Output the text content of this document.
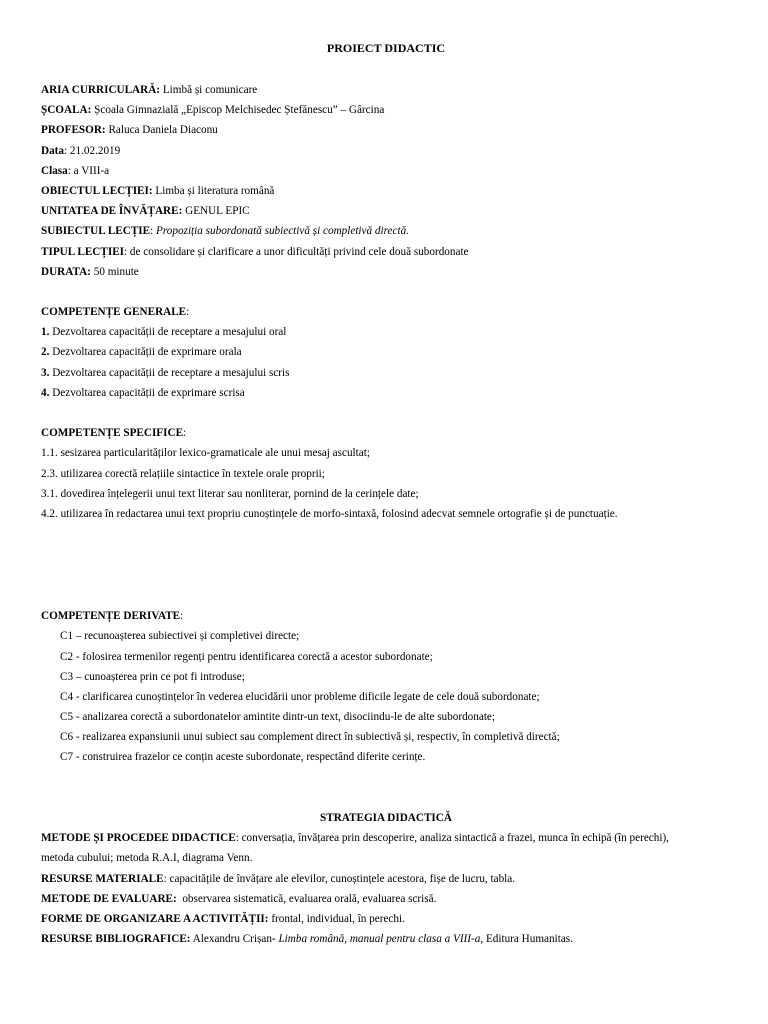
PROIECT DIDACTIC
ARIA CURRICULARĂ: Limbă și comunicare
ȘCOALA: Școala Gimnazială „Episcop Melchisedec Ștefănescu” – Gârcina
PROFESOR: Raluca Daniela Diaconu
Data: 21.02.2019
Clasa: a VIII-a
OBIECTUL LECȚIEI: Limba și literatura română
UNITATEA DE ÎNVĂȚARE: GENUL EPIC
SUBIECTUL LECȚIE: Propoziția subordonată subiectivă și completivă directă.
TIPUL LECȚIEI: de consolidare și clarificare a unor dificultăți privind cele două subordonate
DURATA: 50 minute
COMPETENȚE GENERALE:
1. Dezvoltarea capacității de receptare a mesajului oral
2. Dezvoltarea capacității de exprimare orala
3. Dezvoltarea capacității de receptare a mesajului scris
4. Dezvoltarea capacității de exprimare scrisa
COMPETENȚE SPECIFICE:
1.1. sesizarea particularităților lexico-gramaticale ale unui mesaj ascultat;
2.3. utilizarea corectă relațiile sintactice în textele orale proprii;
3.1. dovedirea înțelegerii unui text literar sau nonliterar, pornind de la cerințele date;
4.2. utilizarea în redactarea unui text propriu cunoștințele de morfo-sintaxă, folosind adecvat semnele ortografie și de punctuație.
COMPETENȚE DERIVATE:
C1 – recunoașterea subiectivei și completivei directe;
C2 - folosirea termenilor regenți pentru identificarea corectă a acestor subordonate;
C3 – cunoașterea prin ce pot fi introduse;
C4 - clarificarea cunoștințelor în vederea elucidării unor probleme dificile legate de cele două subordonate;
C5 - analizarea corectă a subordonatelor amintite dintr-un text, disociindu-le de alte subordonate;
C6 - realizarea expansiunii unui subiect sau complement direct în subiectivă și, respectiv, în completivă directă;
C7 - construirea frazelor ce conțin aceste subordonate, respectând diferite cerințe.
STRATEGIA DIDACTICĂ
METODE ȘI PROCEDEE DIDACTICE: conversația, învățarea prin descoperire, analiza sintactică a frazei, munca în echipă (în perechi),
metoda cubului; metoda R.A.I, diagrama Venn.
RESURSE MATERIALE: capacitățile de învățare ale elevilor, cunoștințele acestora, fișe de lucru, tabla.
METODE DE EVALUARE:  observarea sistematică, evaluarea orală, evaluarea scrisă.
FORME DE ORGANIZARE A ACTIVITĂȚII: frontal, individual, în perechi.
RESURSE BIBLIOGRAFICE: Alexandru Crișan- Limba română, manual pentru clasa a VIII-a, Editura Humanitas.
